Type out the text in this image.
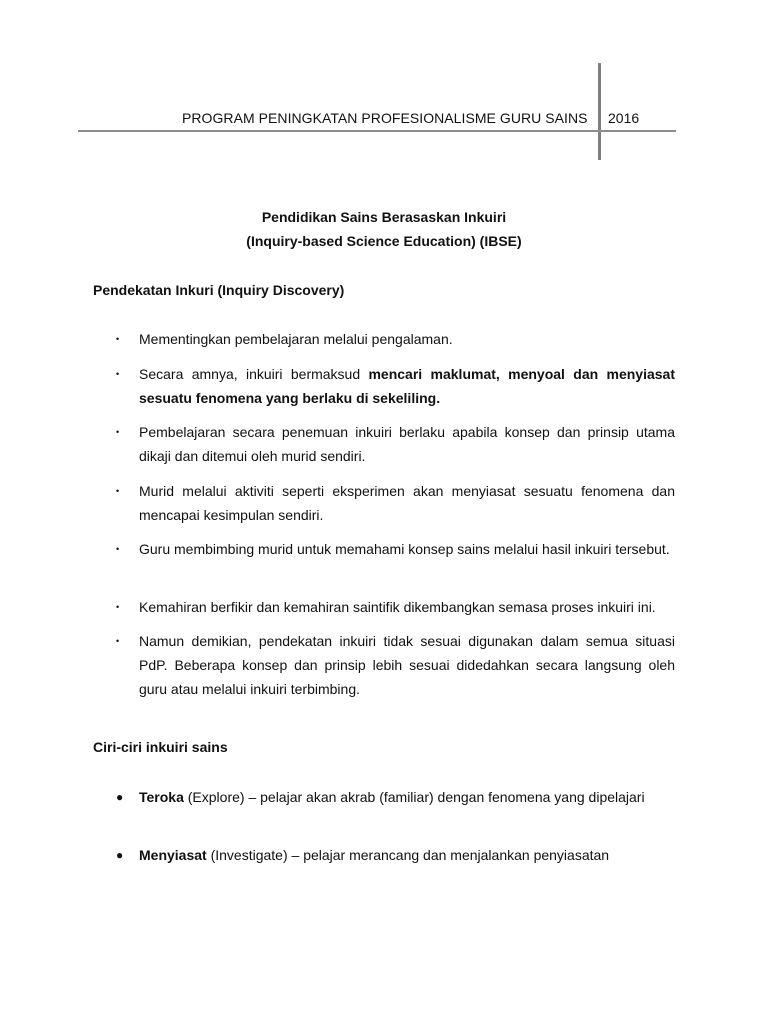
PROGRAM PENINGKATAN PROFESIONALISME GURU SAINS 2016
Pendidikan Sains Berasaskan Inkuiri
(Inquiry-based Science Education) (IBSE)
Pendekatan Inkuri (Inquiry Discovery)
•	Mementingkan pembelajaran melalui pengalaman.
•	Secara amnya, inkuiri bermaksud mencari maklumat, menyoal dan menyiasat sesuatu fenomena yang berlaku di sekeliling.
•	Pembelajaran secara penemuan inkuiri berlaku apabila konsep dan prinsip utama dikaji dan ditemui oleh murid sendiri.
•	Murid melalui aktiviti seperti eksperimen akan menyiasat sesuatu fenomena dan mencapai kesimpulan sendiri.
•	Guru membimbing murid untuk memahami konsep sains melalui hasil inkuiri tersebut.
•	Kemahiran berfikir dan kemahiran saintifik dikembangkan semasa proses inkuiri ini.
•	Namun demikian, pendekatan inkuiri tidak sesuai digunakan dalam semua situasi PdP. Beberapa konsep dan prinsip lebih sesuai didedahkan secara langsung oleh guru atau melalui inkuiri terbimbing.
Ciri-ciri inkuiri sains
●	Teroka (Explore) – pelajar akan akrab (familiar) dengan fenomena yang dipelajari
●	Menyiasat (Investigate) – pelajar merancang dan menjalankan penyiasatan
